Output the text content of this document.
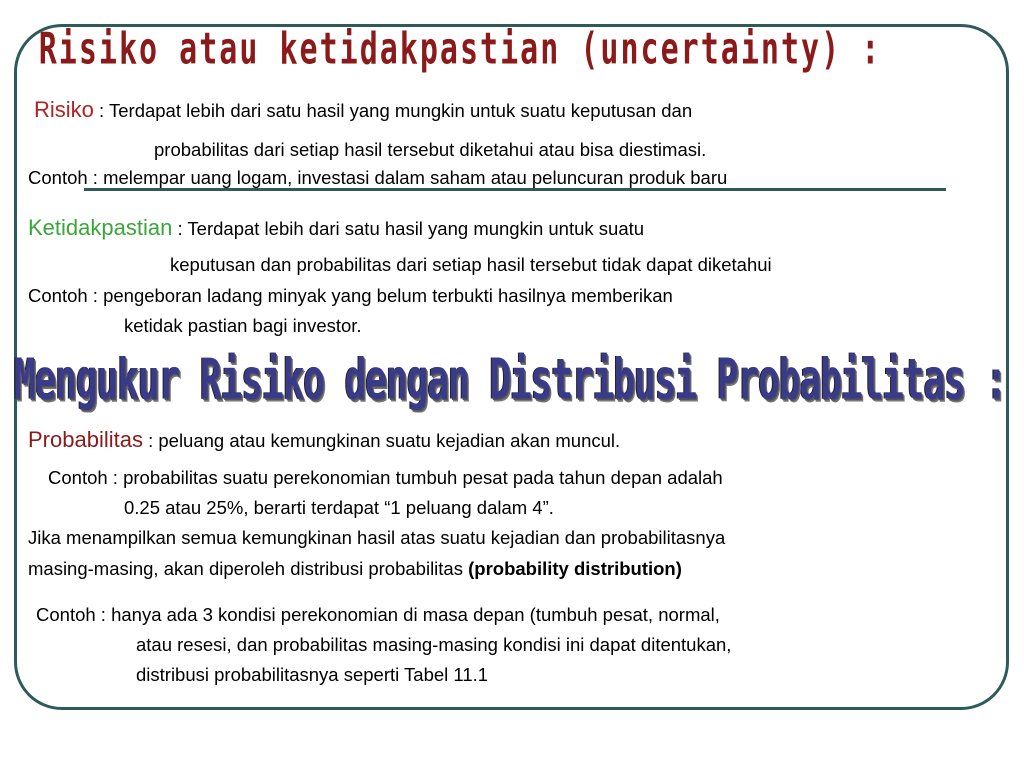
Risiko atau ketidakpastian (uncertainty) :
Risiko : Terdapat lebih dari satu hasil yang mungkin untuk suatu keputusan dan
probabilitas dari setiap hasil tersebut diketahui atau bisa diestimasi.
Contoh : melempar uang logam, investasi dalam saham atau peluncuran produk baru
Ketidakpastian : Terdapat lebih dari satu hasil yang mungkin untuk suatu
keputusan dan probabilitas dari setiap hasil tersebut tidak dapat diketahui
Contoh : pengeboran ladang minyak yang belum terbukti hasilnya memberikan
ketidak pastian bagi investor.
Mengukur Risiko dengan Distribusi Probabilitas :
Probabilitas : peluang atau kemungkinan suatu kejadian akan muncul.
Contoh : probabilitas suatu perekonomian tumbuh pesat pada tahun depan adalah
0.25 atau 25%, berarti terdapat “1 peluang dalam 4”.
Jika menampilkan semua kemungkinan hasil atas suatu kejadian dan probabilitasnya
masing-masing, akan diperoleh distribusi probabilitas (probability distribution)
Contoh : hanya ada 3 kondisi perekonomian di masa depan (tumbuh pesat, normal,
atau resesi, dan probabilitas masing-masing kondisi ini dapat ditentukan,
distribusi probabilitasnya seperti Tabel 11.1
